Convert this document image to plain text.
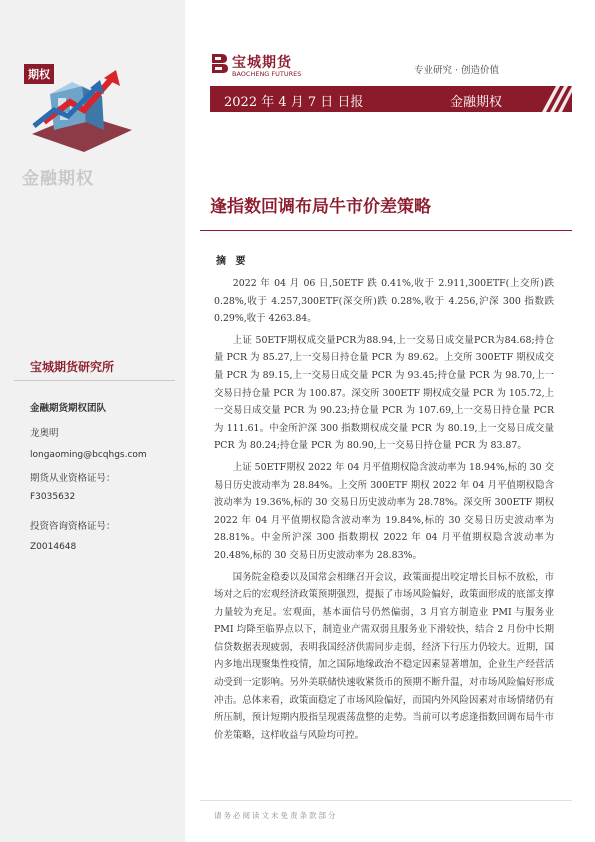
期权
金融期权
宝城期货研究所
金融期货期权团队
龙奥明
longaoming@bcqhgs.com
期货从业资格证号：
F3035632
投资咨询资格证号：
Z0014648
宝城期货
BAOCHENG FUTURES	专业研究 · 创造价值
2022 年 4 月 7 日 日报	金融期权
逢指数回调布局牛市价差策略
摘 要

2022 年 04 月 06 日,50ETF 跌 0.41%,收于 2.911,300ETF(上交所)跌 0.28%,收于 4.257,300ETF(深交所)跌 0.28%,收于 4.256,沪深 300 指数跌 0.29%,收于 4263.84。

上证 50ETF期权成交量PCR为88.94,上一交易日成交量PCR为84.68;持仓量 PCR 为 85.27,上一交易日持仓量 PCR 为 89.62。上交所 300ETF 期权成交量 PCR 为 89.15,上一交易日成交量 PCR 为 93.45;持仓量 PCR 为 98.70,上一交易日持仓量 PCR 为 100.87。深交所 300ETF 期权成交量 PCR 为 105.72,上一交易日成交量 PCR 为 90.23;持仓量 PCR 为 107.69,上一交易日持仓量 PCR 为 111.61。中金所沪深 300 指数期权成交量 PCR 为 80.19,上一交易日成交量 PCR 为 80.24;持仓量 PCR 为 80.90,上一交易日持仓量 PCR 为 83.87。

上证 50ETF期权 2022 年 04 月平值期权隐含波动率为 18.94%,标的 30 交易日历史波动率为 28.84%。上交所 300ETF 期权 2022 年 04 月平值期权隐含波动率为 19.36%,标的 30 交易日历史波动率为 28.78%。深交所 300ETF 期权 2022 年 04 月平值期权隐含波动率为 19.84%,标的 30 交易日历史波动率为 28.81%。中金所沪深 300 指数期权 2022 年 04 月平值期权隐含波动率为 20.48%,标的 30 交易日历史波动率为 28.83%。

国务院金稳委以及国常会相继召开会议，政策面提出咬定增长目标不放松，市场对之后的宏观经济政策预期强烈，提振了市场风险偏好，政策面形成的底部支撑力量较为充足。宏观面，基本面信号仍然偏弱，3 月官方制造业 PMI 与服务业 PMI 均降至临界点以下，制造业产需双弱且服务业下滑较快，结合 2 月份中长期信贷数据表现疲弱，表明我国经济供需同步走弱，经济下行压力仍较大。近期，国内多地出现聚集性疫情，加之国际地缘政治不稳定因素显著增加，企业生产经营活动受到一定影响。另外美联储快速收紧货币的预期不断升温，对市场风险偏好形成冲击。总体来看，政策面稳定了市场风险偏好，而国内外风险因素对市场情绪仍有所压制，预计短期内股指呈现震荡盘整的走势。当前可以考虑逢指数回调布局牛市价差策略，这样收益与风险均可控。

请务必阅读文末免责条款部分
